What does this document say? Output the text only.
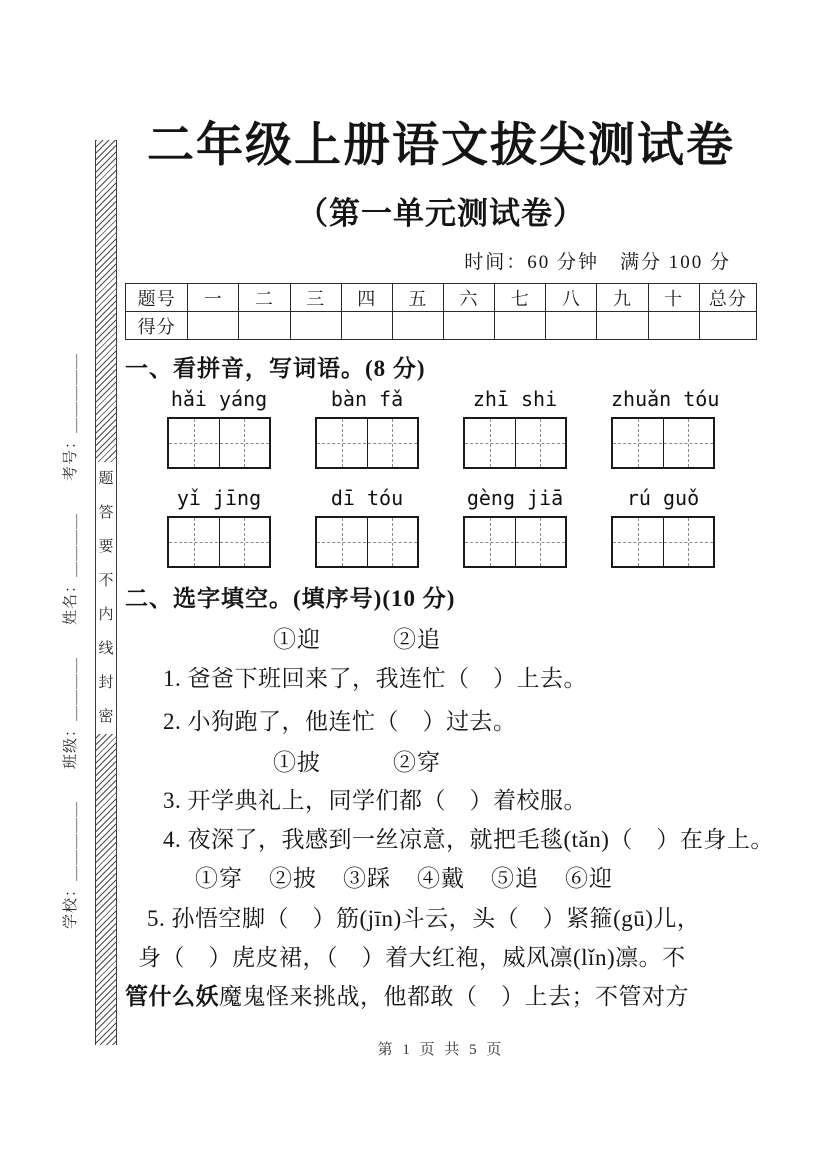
学校：＿＿＿＿＿　　班级：＿＿＿＿　　姓名：＿＿＿＿　　考号：＿＿＿＿＿ 题
答
要
不
内
线
封
密
二年级上册语文拔尖测试卷
（第一单元测试卷）
时间：60 分钟　满分 100 分
题号	一	二	三	四	五	六	七	八	九	十	总分
得分											
一、看拼音，写词语。(8 分)
hǎi yáng	bàn fǎ	zhī shi	zhuǎn tóu
yǐ jīng	dī tóu	gèng jiā	rú guǒ
二、选字填空。(填序号)(10 分)
①迎	②追
1. 爸爸下班回来了，我连忙（　）上去。
2. 小狗跑了，他连忙（　）过去。
①披	②穿
3. 开学典礼上，同学们都（　）着校服。
4. 夜深了，我感到一丝凉意，就把毛毯(tǎn)（　）在身上。
①穿 ②披 ③踩 ④戴 ⑤追 ⑥迎
5. 孙悟空脚（　）筋(jīn)斗云，头（　）紧箍(gū)儿，
身（　）虎皮裙，（　）着大红袍，威风凛(lǐn)凛。不
管什么妖魔鬼怪来挑战，他都敢（　）上去；不管对方
第 1 页 共 5 页
